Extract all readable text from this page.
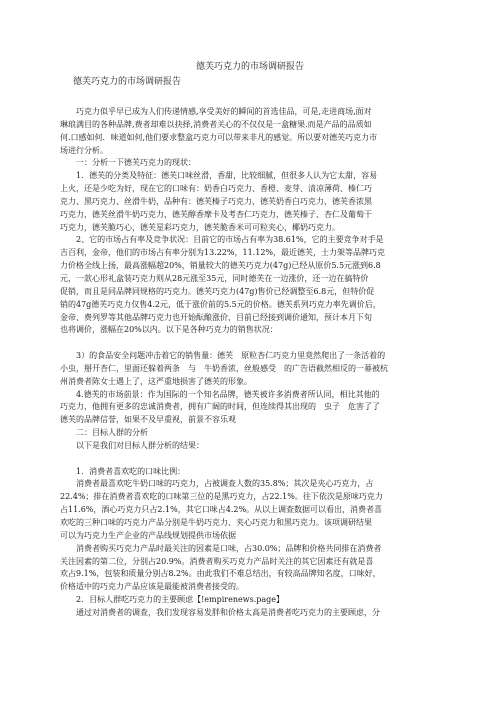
德芙巧克力的市场调研报告
德芙巧克力的市场调研报告
　　巧克力似乎早已成为人们传递情感,享受美好的瞬间的首选佳品，可是,走进商场,面对
琳琅满目的各种品牌,费者却难以抉择,消费者关心的不仅仅是一盒糖果.而是产品的品质如
何.口感如何．味道如何,他们要求整盒巧克力可以带来非凡的感觉。所以要对德芙巧克力市
场进行分析。
　　一：分析一下德芙巧克力的现状：
　　1．德芙的分类及特征：德芙口味丝滑，香甜，比较细腻，但很多人认为它太甜，容易
上火，还是少吃为好，现在它的口味有：奶香白巧克力、香橙、麦芽、清凉薄荷、榛仁巧
克力、黑巧克力、丝滑牛奶，品种有：德芙榛子巧克力，德芙奶香白巧克力，德芙香浓黑
巧克力，德芙丝滑牛奶巧克力，德芙醇香摩卡及考杏仁巧克力，德芙榛子、杏仁及葡萄干
巧克力，德芙脆巧心，德芙星彩巧克力，德芙脆香米可可粒夹心，椰奶巧克力。
　　2、它的市场占有率及竞争状况：目前它的市场占有率为38.61%，它的主要竞争对手是
吉百利，金帝，他们的市场占有率分别为13.22%，11.12%，最近德芙，士力架等品牌巧克
力价格全线上扬，最高涨幅超20%，销量较大的德芙巧克力(47g)已经从原价5.5元涨到6.8
元，一款心形礼盒装巧克力则从28元涨至35元，同时德芙在一边涨价，还一边在搞特价
促销，而且是同品牌同规格的巧克力。德芙巧克力(47g)售价已经调整至6.8元，但特价促
销的47g德芙巧克力仅售4.2元，低于涨价前的5.5元的价格。德芙系列巧克力率先调价后，
金帝、费列罗等其他品牌巧克力也开始酝酿涨价，目前已经接到调价通知，预计本月下旬
也将调价，涨幅在20%以内。以下是各种巧克力的销售状况：
　　3）的食品安全问题冲击着它的销售量：德芙　原粒杏仁巧克力里竟然爬出了一条活着的
小虫，掰开杏仁，里面还躲着两条　与　牛奶香浓，丝般感受　的广告语截然相反的一幕被杭
州消费者陈女士遇上了，这严重地损害了德芙的形象。
　　4.德芙的市场前景：作为国际的一个知名品牌，德芙被许多消费者所认同，相比其他的
巧克力，他拥有更多的忠诚消费者，拥有广阔的时间，但连续得其出现的　虫子　危害了了
德芙的品牌信誉，如果不及早重视，前景不容乐观
　　二：目标人群的分析
　　以下是我们对目标人群分析的结果：
　　1．消费者喜欢吃的口味比例：
　　消费者最喜欢吃牛奶口味的巧克力，占被调查人数的35.8%；其次是夹心巧克力，占
22.4%；排在消费者喜欢吃的口味第三位的是黑巧克力，占22.1%。往下依次是原味巧克力
占11.6%，酒心巧克力只占2.1%，其它口味占4.2%。从以上调查数据可以看出，消费者喜
欢吃的三种口味的巧克力产品分别是牛奶巧克力、夹心巧克力和黑巧克力。该项调研结果
可以为巧克力生产企业的产品线规划提供市场依据
　　消费者购买巧克力产品时最关注的因素是口味，占30.0%；品牌和价格共同排在消费者
关注因素的第二位，分别占20.9%。消费者购买巧克力产品时关注的其它因素还有就是喜
欢占9.1%，包装和质量分别占8.2%。由此我们不难总结出，有较高品牌知名度，口味好，
价格适中的巧克力产品应该是最能被消费者接受的。
　　2．目标人群吃巧克力的主要顾虑【!empirenews.page】
　　通过对消费者的调查，我们发现容易发胖和价格太高是消费者吃巧克力的主要顾虑，分
